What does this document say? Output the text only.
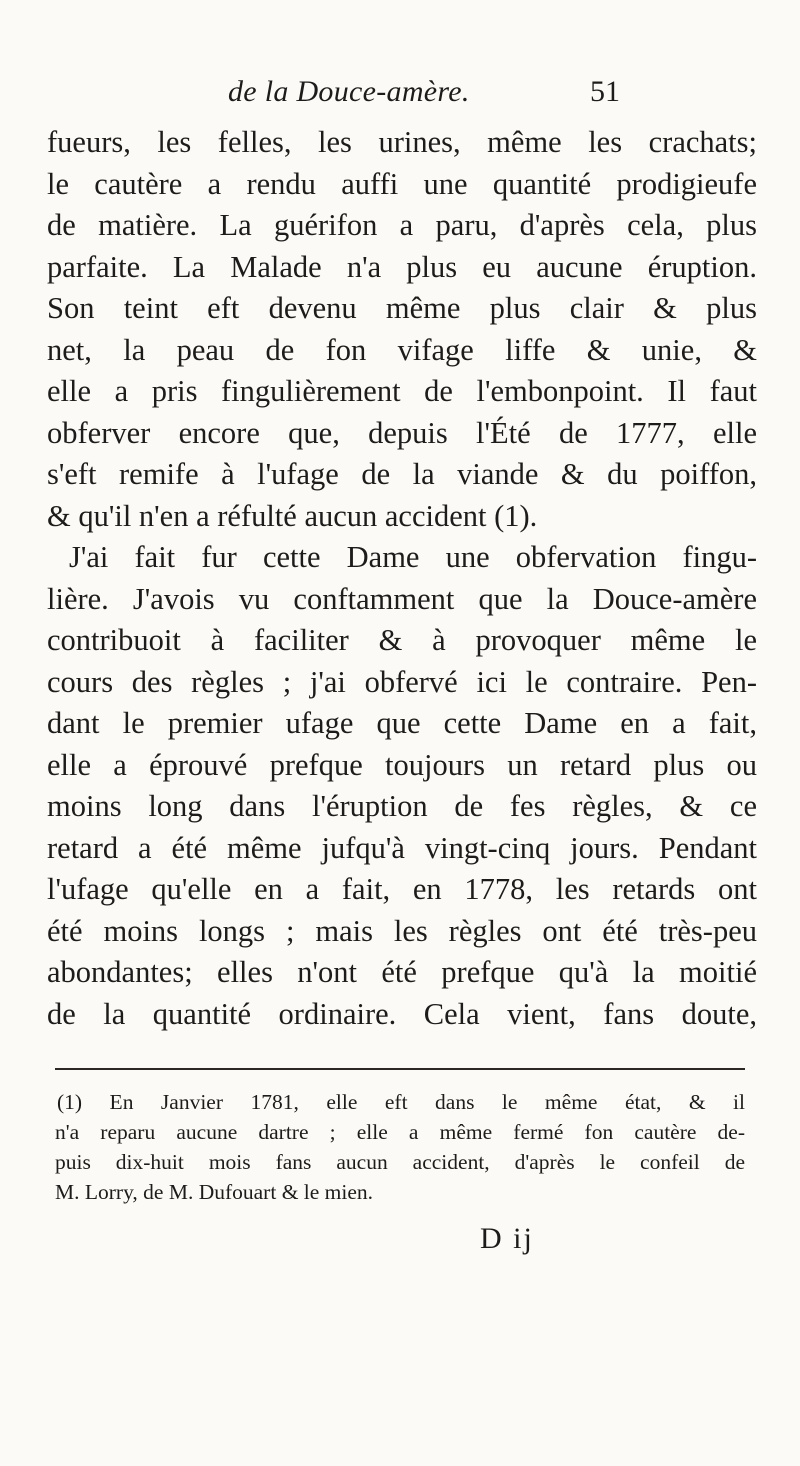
de la Douce-amère.	51
fueurs, les felles, les urines, même les crachats;
le cautère a rendu auffi une quantité prodigieufe
de matière. La guérifon a paru, d'après cela, plus
parfaite. La Malade n'a plus eu aucune éruption.
Son teint eft devenu même plus clair & plus
net, la peau de fon vifage liffe & unie, &
elle a pris fingulièrement de l'embonpoint. Il faut
obferver encore que, depuis l'Été de 1777, elle
s'eft remife à l'ufage de la viande & du poiffon,
& qu'il n'en a réfulté aucun accident (1).
J'ai fait fur cette Dame une obfervation fingu-
lière. J'avois vu conftamment que la Douce-amère
contribuoit à faciliter & à provoquer même le
cours des règles ; j'ai obfervé ici le contraire. Pen-
dant le premier ufage que cette Dame en a fait,
elle a éprouvé prefque toujours un retard plus ou
moins long dans l'éruption de fes règles, & ce
retard a été même jufqu'à vingt-cinq jours. Pendant
l'ufage qu'elle en a fait, en 1778, les retards ont
été moins longs ; mais les règles ont été très-peu
abondantes; elles n'ont été prefque qu'à la moitié
de la quantité ordinaire. Cela vient, fans doute,
(1) En Janvier 1781, elle eft dans le même état, & il
n'a reparu aucune dartre ; elle a même fermé fon cautère de-
puis dix-huit mois fans aucun accident, d'après le confeil de
M. Lorry, de M. Dufouart & le mien.
D ij
